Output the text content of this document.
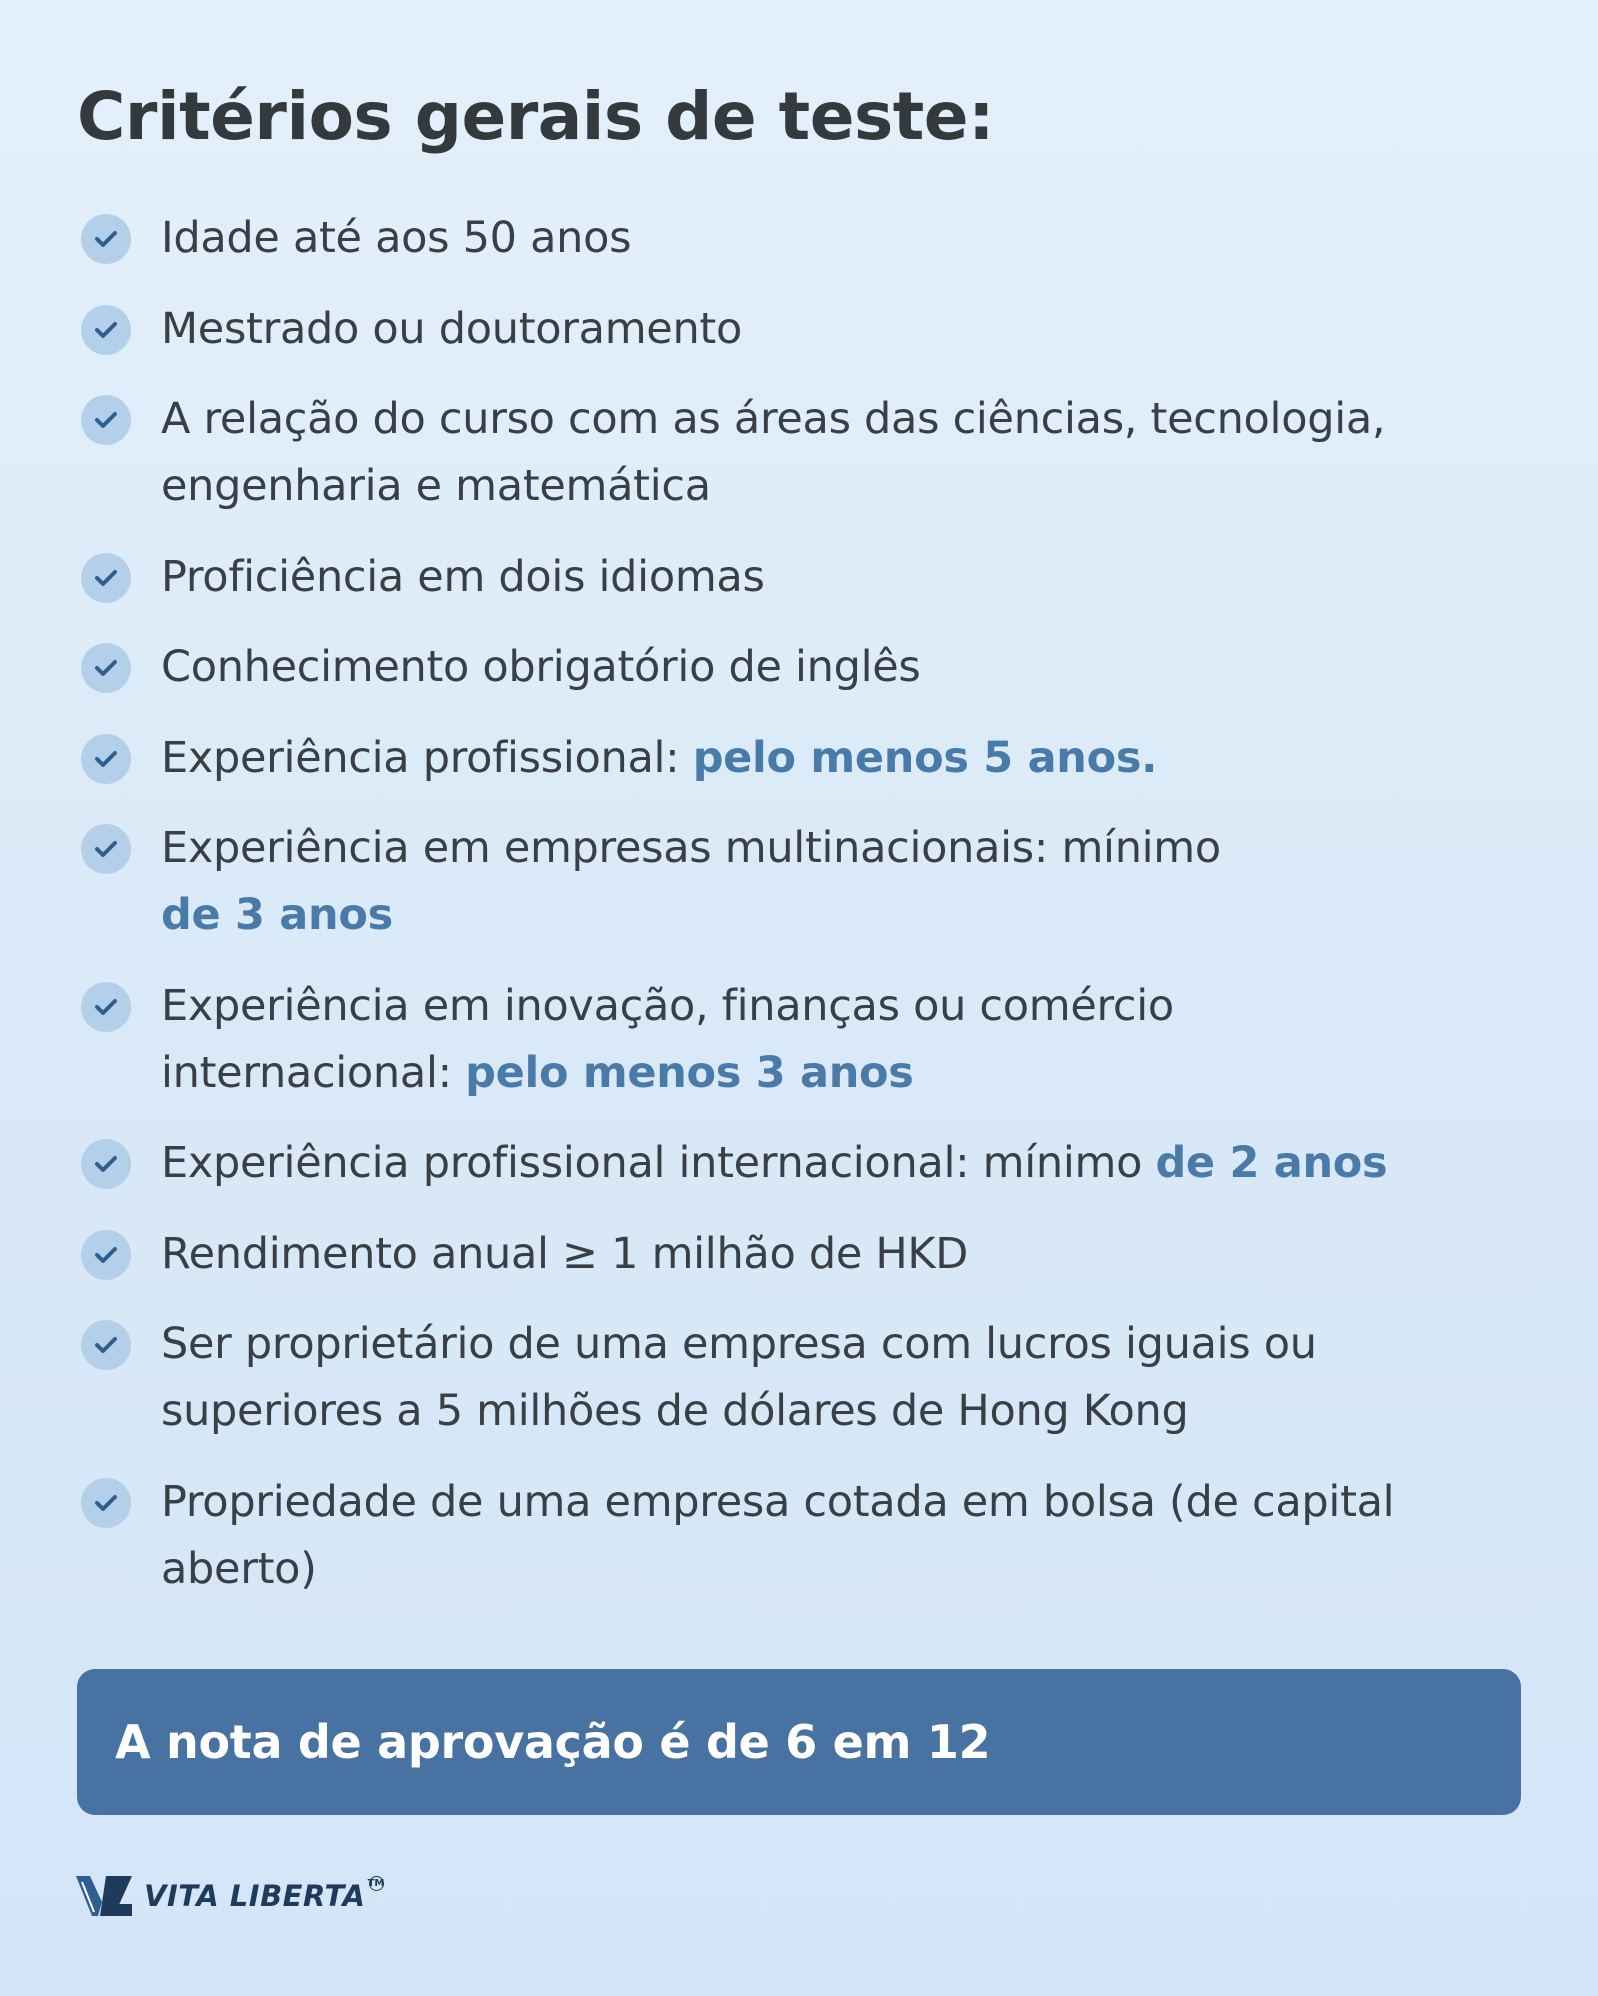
Critérios gerais de teste:
Idade até aos 50 anos
Mestrado ou doutoramento
A relação do curso com as áreas das ciências, tecnologia, engenharia e matemática
Proficiência em dois idiomas
Conhecimento obrigatório de inglês
Experiência profissional: pelo menos 5 anos.
Experiência em empresas multinacionais: mínimo
de 3 anos
Experiência em inovação, finanças ou comércio internacional: pelo menos 3 anos
Experiência profissional internacional: mínimo de 2 anos
Rendimento anual ≥ 1 milhão de HKD
Ser proprietário de uma empresa com lucros iguais ou superiores a 5 milhões de dólares de Hong Kong
Propriedade de uma empresa cotada em bolsa (de capital aberto)
A nota de aprovação é de 6 em 12
VITA LIBERTA TM
